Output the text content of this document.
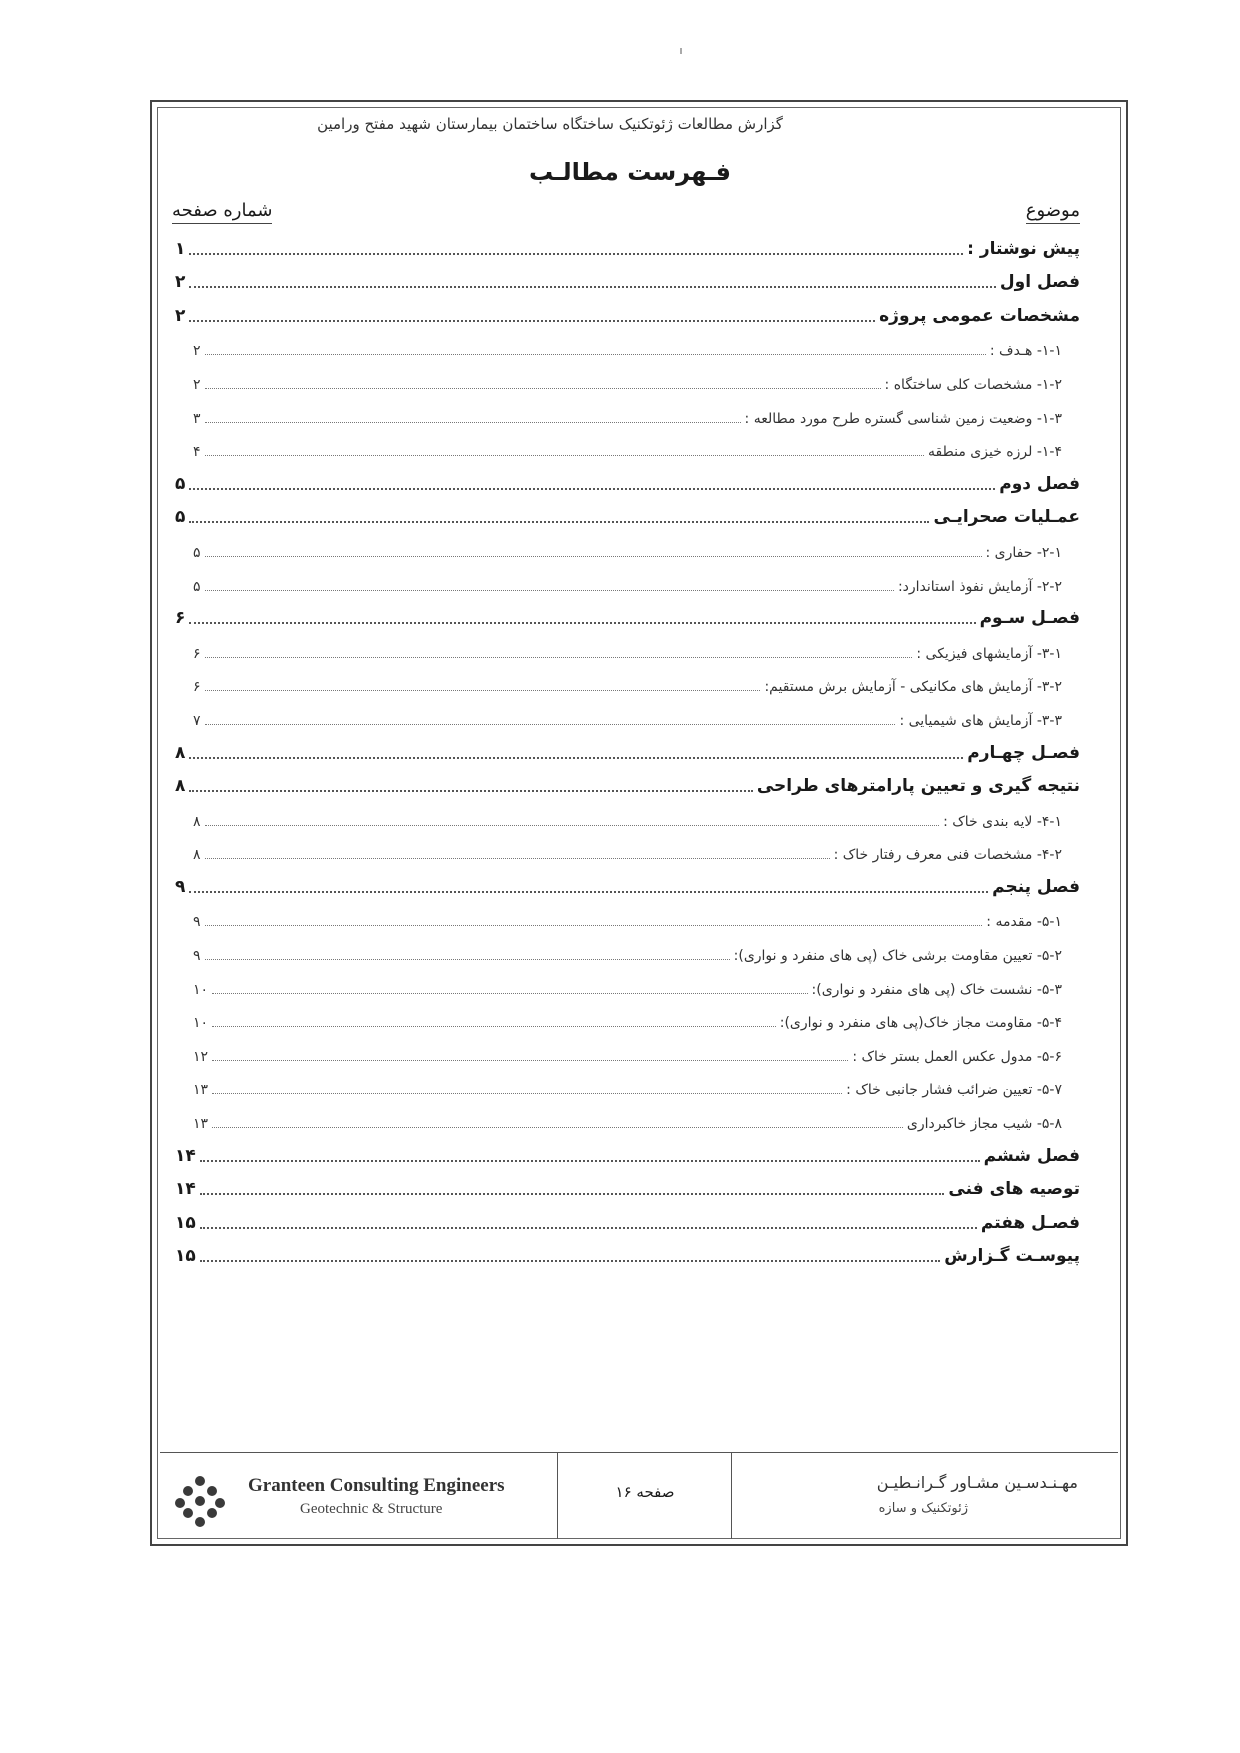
گزارش مطالعات ژئوتکنیک ساختگاه ساختمان بیمارستان شهید مفتح ورامین
فـهرست مطالـب
موضوع
شماره صفحه
پیش نوشتار :
۱
فصل اول
۲
مشخصات عمومی پروژه
۲
۱-۱- هـدف :
۲
۱-۲- مشخصات کلی ساختگاه :
۲
۱-۳- وضعیت زمین شناسی گستره طرح مورد مطالعه :
۳
۱-۴- لرزه خیزی منطقه
۴
فصل دوم
۵
عمـلیات صحرایـی
۵
۲-۱- حفاری :
۵
۲-۲- آزمایش نفوذ استاندارد:
۵
فصـل سـوم
۶
۳-۱- آزمایشهای فیزیکی :
۶
۳-۲- آزمایش های مکانیکی - آزمایش برش مستقیم:
۶
۳-۳- آزمایش های شیمیایی :
۷
فصـل چهـارم
۸
نتیجه گیری و تعیین پارامترهای طراحی
۸
۴-۱- لایه بندی خاک :
۸
۴-۲- مشخصات فنی معرف رفتار خاک :
۸
فصل پنجم
۹
۵-۱- مقدمه :
۹
۵-۲- تعیین مقاومت برشی خاک (پی های منفرد و نواری):
۹
۵-۳- نشست خاک (پی های منفرد و نواری):
۱۰
۵-۴- مقاومت مجاز خاک(پی های منفرد و نواری):
۱۰
۵-۶- مدول عکس العمل بستر خاک :
۱۲
۵-۷- تعیین ضرائب فشار جانبی خاک :
۱۳
۵-۸- شیب مجاز خاکبرداری
۱۳
فصل ششم
۱۴
توصیه های فنی
۱۴
فصـل هفتم
۱۵
پیوسـت گـزارش
۱۵
Granteen Consulting Engineers
Geotechnic & Structure
صفحه ۱۶	مهـنـدسـین مشـاور گـرانـطیـن
ژئوتکنیک و سازه
